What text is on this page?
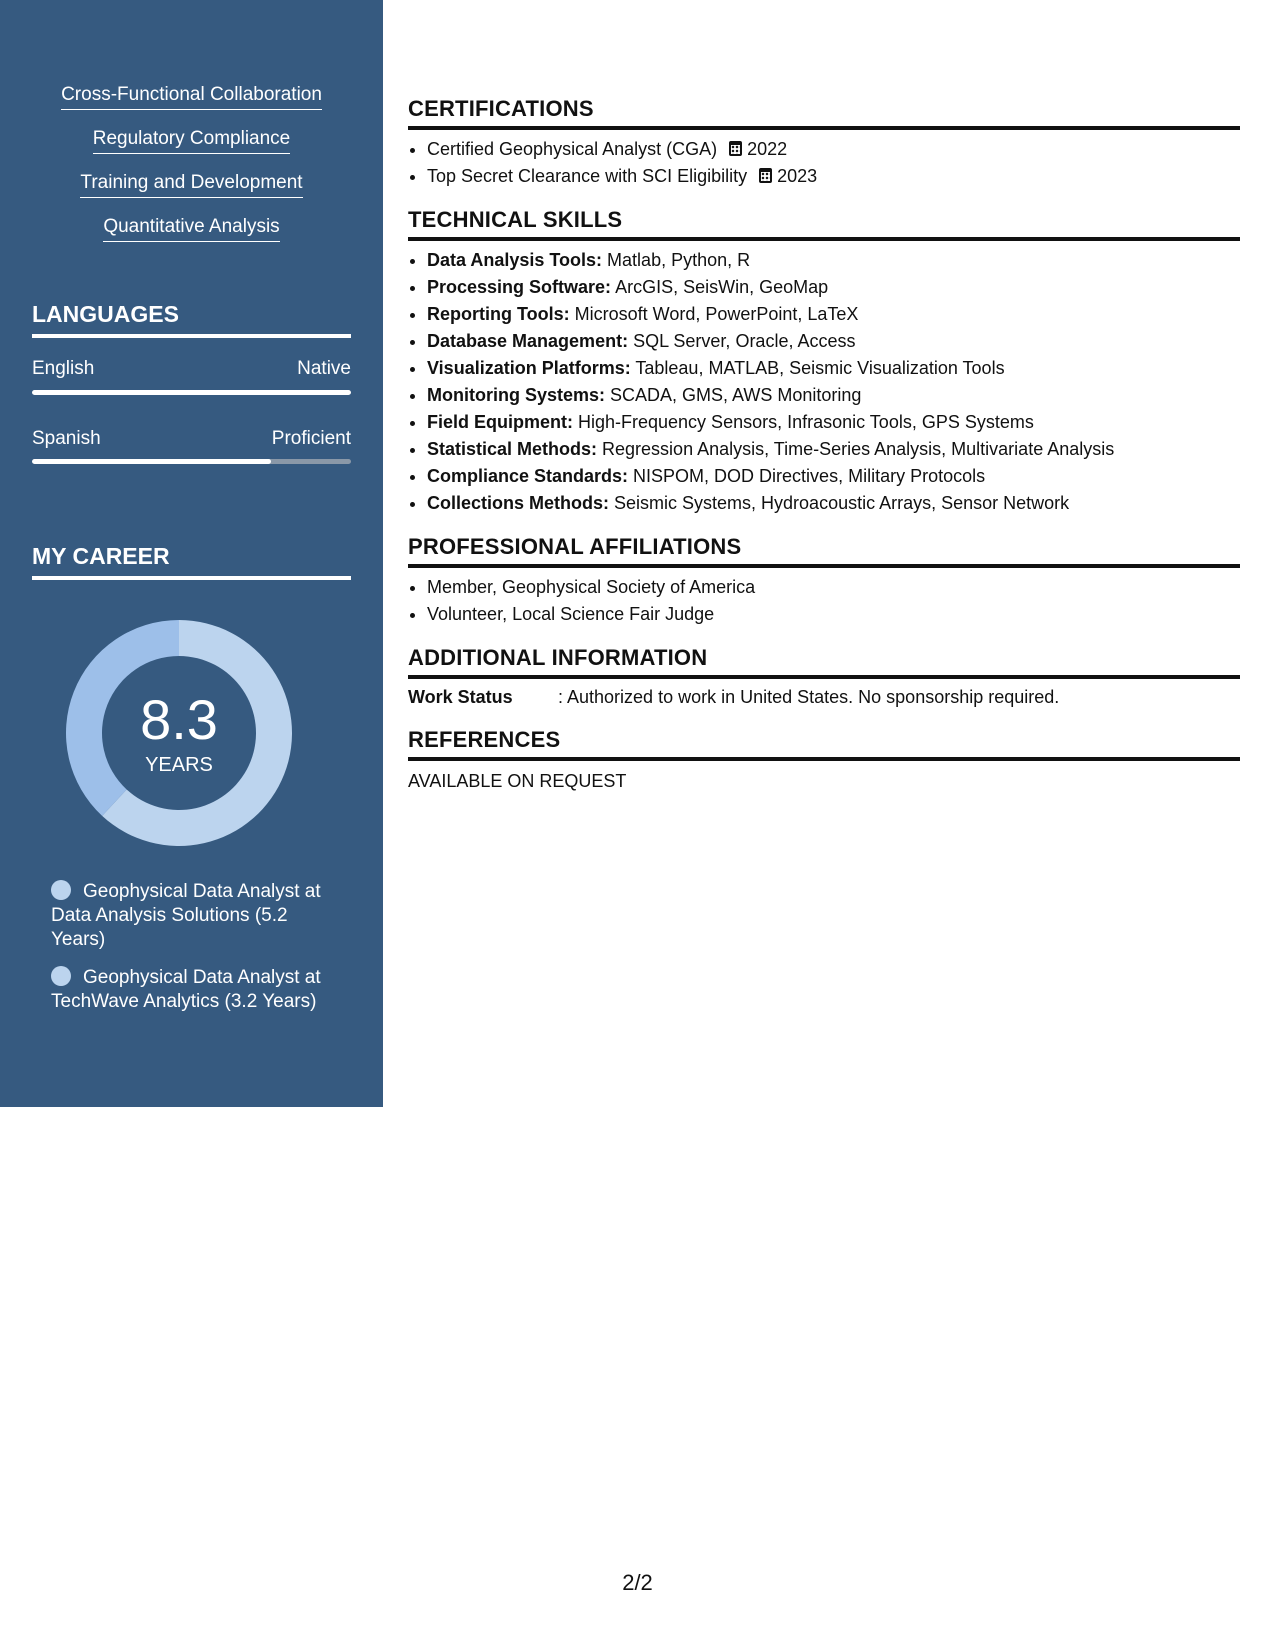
Cross-Functional Collaboration
Regulatory Compliance
Training and Development
Quantitative Analysis
LANGUAGES
English	Native
Spanish	Proficient
MY CAREER
8.3
YEARS
Geophysical Data Analyst at Data Analysis Solutions (5.2 Years)
Geophysical Data Analyst at TechWave Analytics (3.2 Years)
CERTIFICATIONS
• Certified Geophysical Analyst (CGA) 2022
• Top Secret Clearance with SCI Eligibility 2023
TECHNICAL SKILLS
• Data Analysis Tools: Matlab, Python, R
• Processing Software: ArcGIS, SeisWin, GeoMap
• Reporting Tools: Microsoft Word, PowerPoint, LaTeX
• Database Management: SQL Server, Oracle, Access
• Visualization Platforms: Tableau, MATLAB, Seismic Visualization Tools
• Monitoring Systems: SCADA, GMS, AWS Monitoring
• Field Equipment: High-Frequency Sensors, Infrasonic Tools, GPS Systems
• Statistical Methods: Regression Analysis, Time-Series Analysis, Multivariate Analysis
• Compliance Standards: NISPOM, DOD Directives, Military Protocols
• Collections Methods: Seismic Systems, Hydroacoustic Arrays, Sensor Network
PROFESSIONAL AFFILIATIONS
• Member, Geophysical Society of America
• Volunteer, Local Science Fair Judge
ADDITIONAL INFORMATION
Work Status	: Authorized to work in United States. No sponsorship required.
REFERENCES
AVAILABLE ON REQUEST
2/2
